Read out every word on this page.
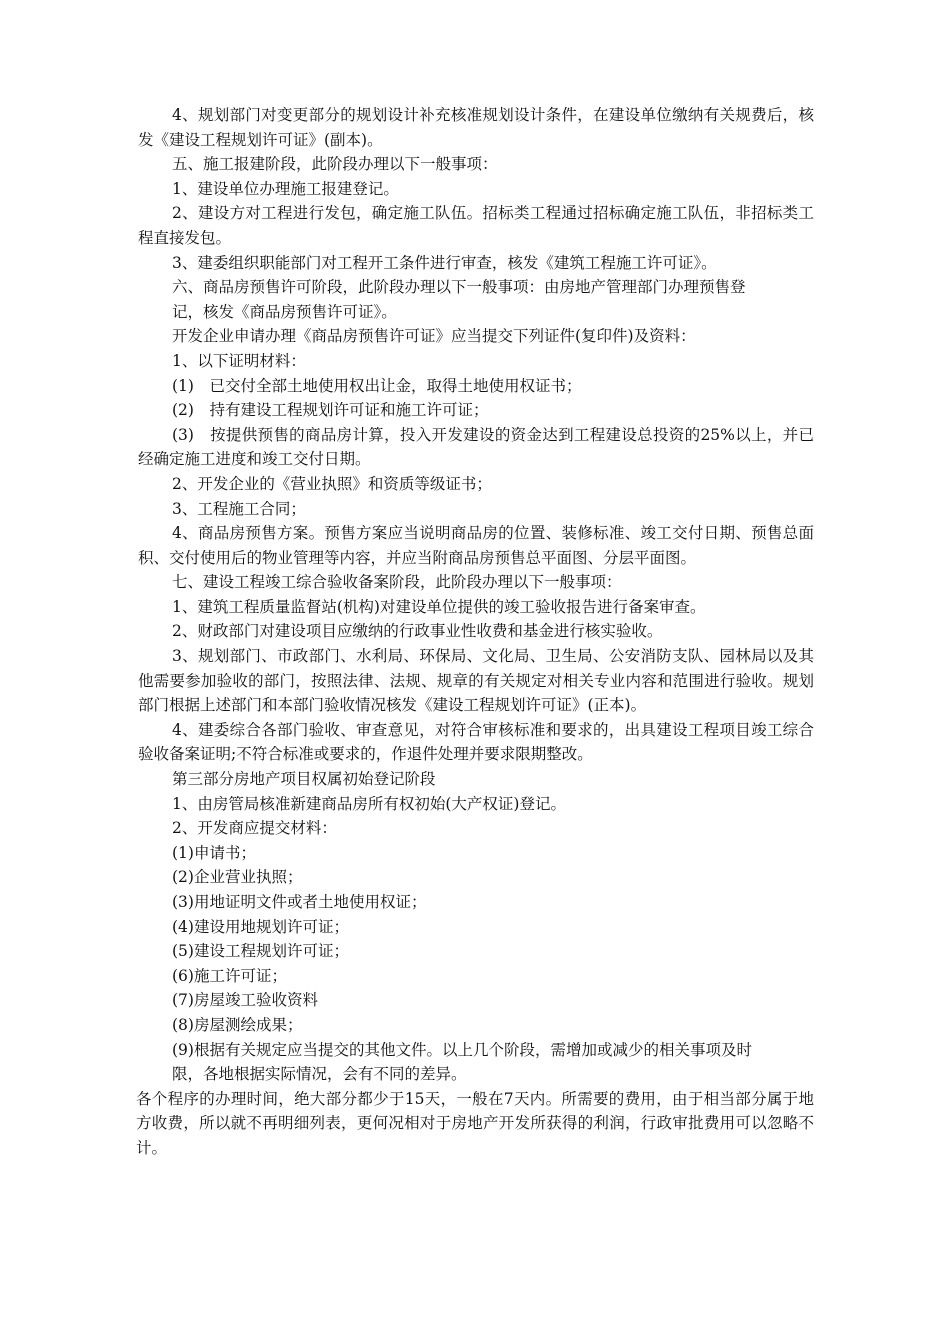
4、规划部门对变更部分的规划设计补充核准规划设计条件，在建设单位缴纳有关规费后，核发《建设工程规划许可证》(副本)。

五、施工报建阶段，此阶段办理以下一般事项：

1、建设单位办理施工报建登记。

2、建设方对工程进行发包，确定施工队伍。招标类工程通过招标确定施工队伍，非招标类工程直接发包。

3、建委组织职能部门对工程开工条件进行审查，核发《建筑工程施工许可证》。

六、商品房预售许可阶段，此阶段办理以下一般事项：由房地产管理部门办理预售登

记，核发《商品房预售许可证》。

开发企业申请办理《商品房预售许可证》应当提交下列证件(复印件)及资料：

1、以下证明材料：

(1)　已交付全部土地使用权出让金，取得土地使用权证书；

(2)　持有建设工程规划许可证和施工许可证；

(3)　按提供预售的商品房计算，投入开发建设的资金达到工程建设总投资的25%以上，并已经确定施工进度和竣工交付日期。

2、开发企业的《营业执照》和资质等级证书；

3、工程施工合同；

4、商品房预售方案。预售方案应当说明商品房的位置、装修标准、竣工交付日期、预售总面积、交付使用后的物业管理等内容，并应当附商品房预售总平面图、分层平面图。

七、建设工程竣工综合验收备案阶段，此阶段办理以下一般事项：

1、建筑工程质量监督站(机构)对建设单位提供的竣工验收报告进行备案审查。

2、财政部门对建设项目应缴纳的行政事业性收费和基金进行核实验收。

3、规划部门、市政部门、水利局、环保局、文化局、卫生局、公安消防支队、园林局以及其他需要参加验收的部门，按照法律、法规、规章的有关规定对相关专业内容和范围进行验收。规划部门根据上述部门和本部门验收情况核发《建设工程规划许可证》(正本)。

4、建委综合各部门验收、审查意见，对符合审核标准和要求的，出具建设工程项目竣工综合验收备案证明;不符合标准或要求的，作退件处理并要求限期整改。

第三部分房地产项目权属初始登记阶段

1、由房管局核准新建商品房所有权初始(大产权证)登记。

2、开发商应提交材料：

(1)申请书；

(2)企业营业执照；

(3)用地证明文件或者土地使用权证；

(4)建设用地规划许可证；

(5)建设工程规划许可证；

(6)施工许可证；

(7)房屋竣工验收资料

(8)房屋测绘成果；

(9)根据有关规定应当提交的其他文件。以上几个阶段，需增加或减少的相关事项及时

限，各地根据实际情况，会有不同的差异。

各个程序的办理时间，绝大部分都少于15天，一般在7天内。所需要的费用，由于相当部分属于地方收费，所以就不再明细列表，更何况相对于房地产开发所获得的利润，行政审批费用可以忽略不计。
